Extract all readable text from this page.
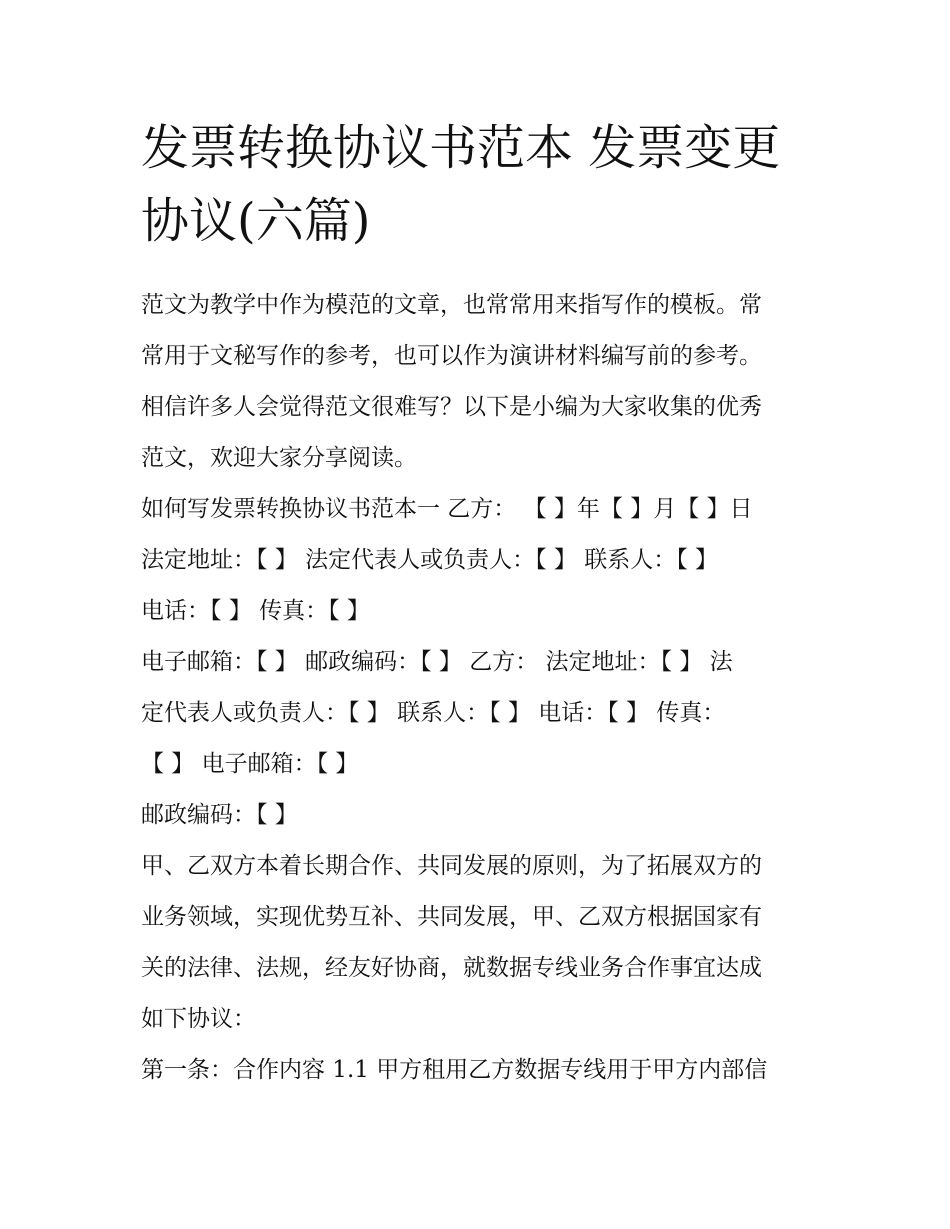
发票转换协议书范本 发票变更
协议(六篇)

范文为教学中作为模范的文章，也常常用来指写作的模板。常
常用于文秘写作的参考，也可以作为演讲材料编写前的参考。
相信许多人会觉得范文很难写？以下是小编为大家收集的优秀
范文，欢迎大家分享阅读。

如何写发票转换协议书范本一 乙方： 【 】年【 】月【 】日
法定地址：【 】 法定代表人或负责人：【 】 联系人：【 】

电话：【 】 传真：【 】

电子邮箱：【 】 邮政编码：【 】 乙方： 法定地址：【 】 法
定代表人或负责人：【 】 联系人：【 】 电话：【 】 传真：
【 】 电子邮箱：【 】

邮政编码：【 】

甲、乙双方本着长期合作、共同发展的原则，为了拓展双方的
业务领域，实现优势互补、共同发展，甲、乙双方根据国家有
关的法律、法规，经友好协商，就数据专线业务合作事宜达成
如下协议：

第一条：合作内容 1.1 甲方租用乙方数据专线用于甲方内部信
